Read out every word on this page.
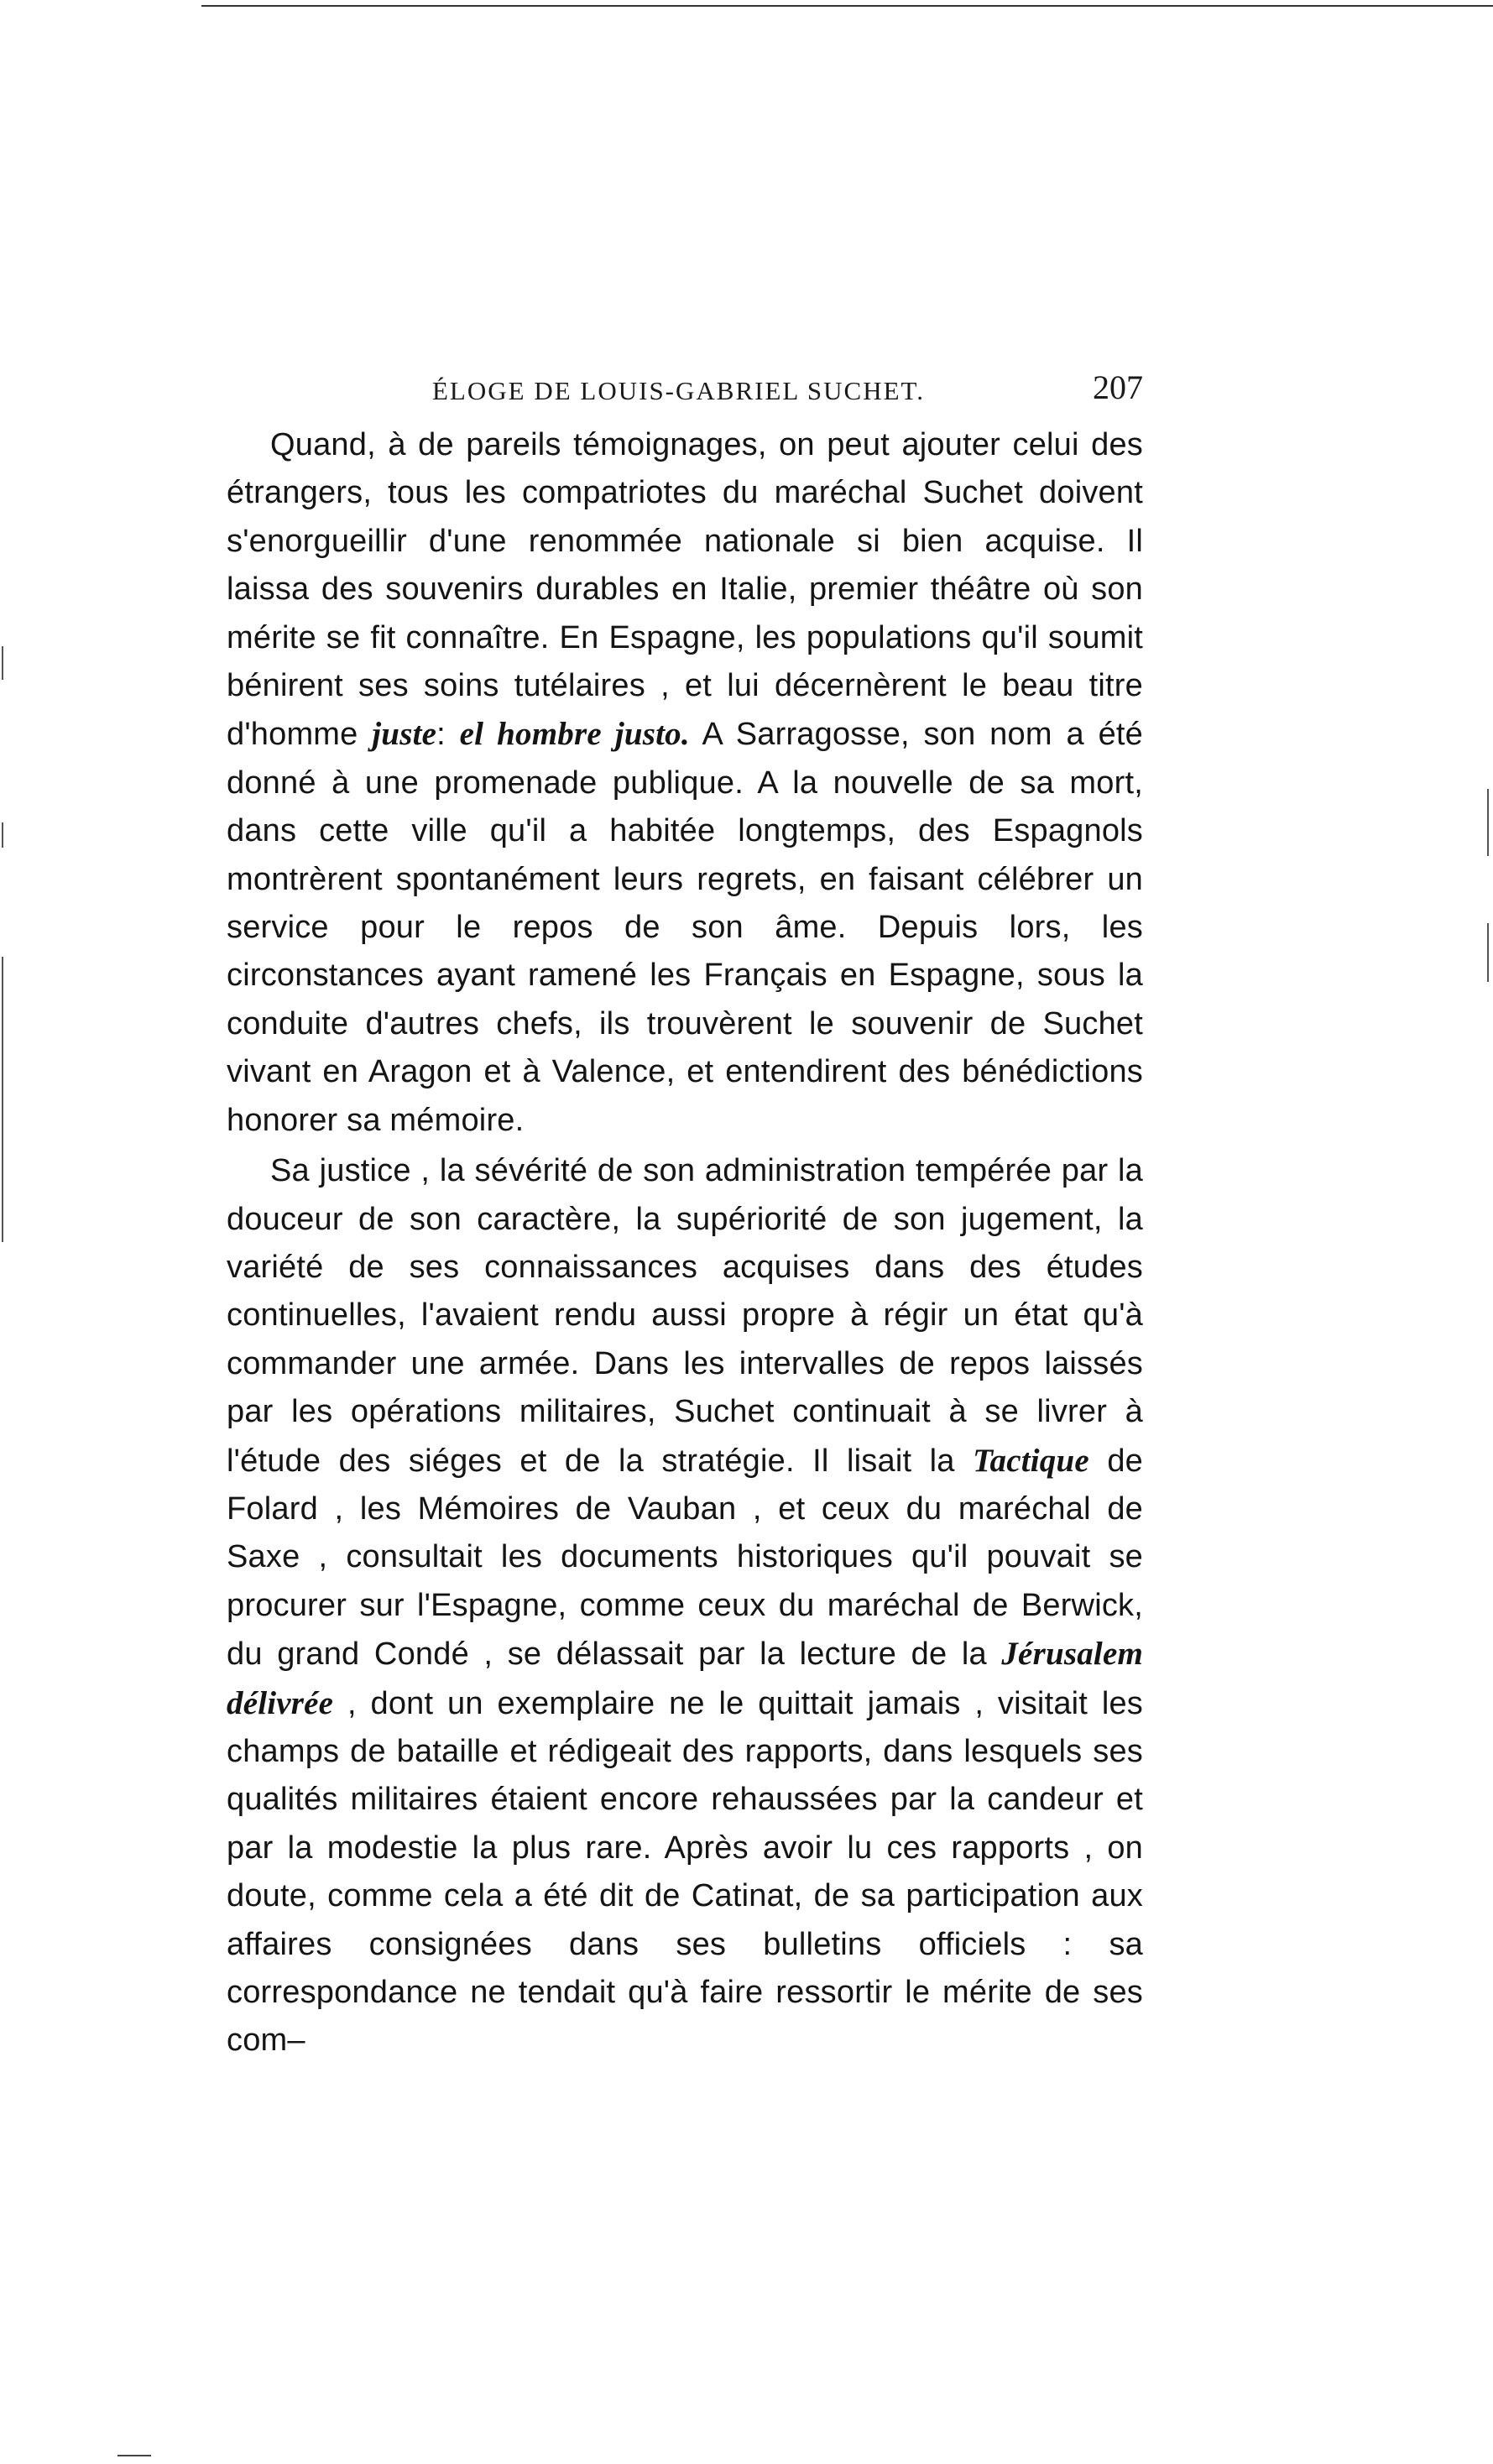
ÉLOGE DE LOUIS-GABRIEL SUCHET.	207

Quand, à de pareils témoignages, on peut ajouter celui des étrangers, tous les compatriotes du maréchal Suchet doivent s'enorgueillir d'une renommée nationale si bien acquise. Il laissa des souvenirs durables en Italie, premier théâtre où son mérite se fit connaître. En Espagne, les populations qu'il soumit bénirent ses soins tutélaires , et lui décernèrent le beau titre d'homme juste: el hombre justo. A Sarragosse, son nom a été donné à une promenade publique. A la nouvelle de sa mort, dans cette ville qu'il a habitée longtemps, des Espagnols montrèrent spontanément leurs regrets, en faisant célébrer un service pour le repos de son âme. Depuis lors, les circonstances ayant ramené les Français en Espagne, sous la conduite d'autres chefs, ils trouvèrent le souvenir de Suchet vivant en Aragon et à Valence, et entendirent des bénédictions honorer sa mémoire.

Sa justice , la sévérité de son administration tempérée par la douceur de son caractère, la supériorité de son jugement, la variété de ses connaissances acquises dans des études continuelles, l'avaient rendu aussi propre à régir un état qu'à commander une armée. Dans les intervalles de repos laissés par les opérations militaires, Suchet continuait à se livrer à l'étude des siéges et de la stratégie. Il lisait la Tactique de Folard , les Mémoires de Vauban , et ceux du maréchal de Saxe , consultait les documents historiques qu'il pouvait se procurer sur l'Espagne, comme ceux du maréchal de Berwick, du grand Condé , se délassait par la lecture de la Jérusalem délivrée , dont un exemplaire ne le quittait jamais , visitait les champs de bataille et rédigeait des rapports, dans lesquels ses qualités militaires étaient encore rehaussées par la candeur et par la modestie la plus rare. Après avoir lu ces rapports , on doute, comme cela a été dit de Catinat, de sa participation aux affaires consignées dans ses bulletins officiels : sa correspondance ne tendait qu'à faire ressortir le mérite de ses com–
